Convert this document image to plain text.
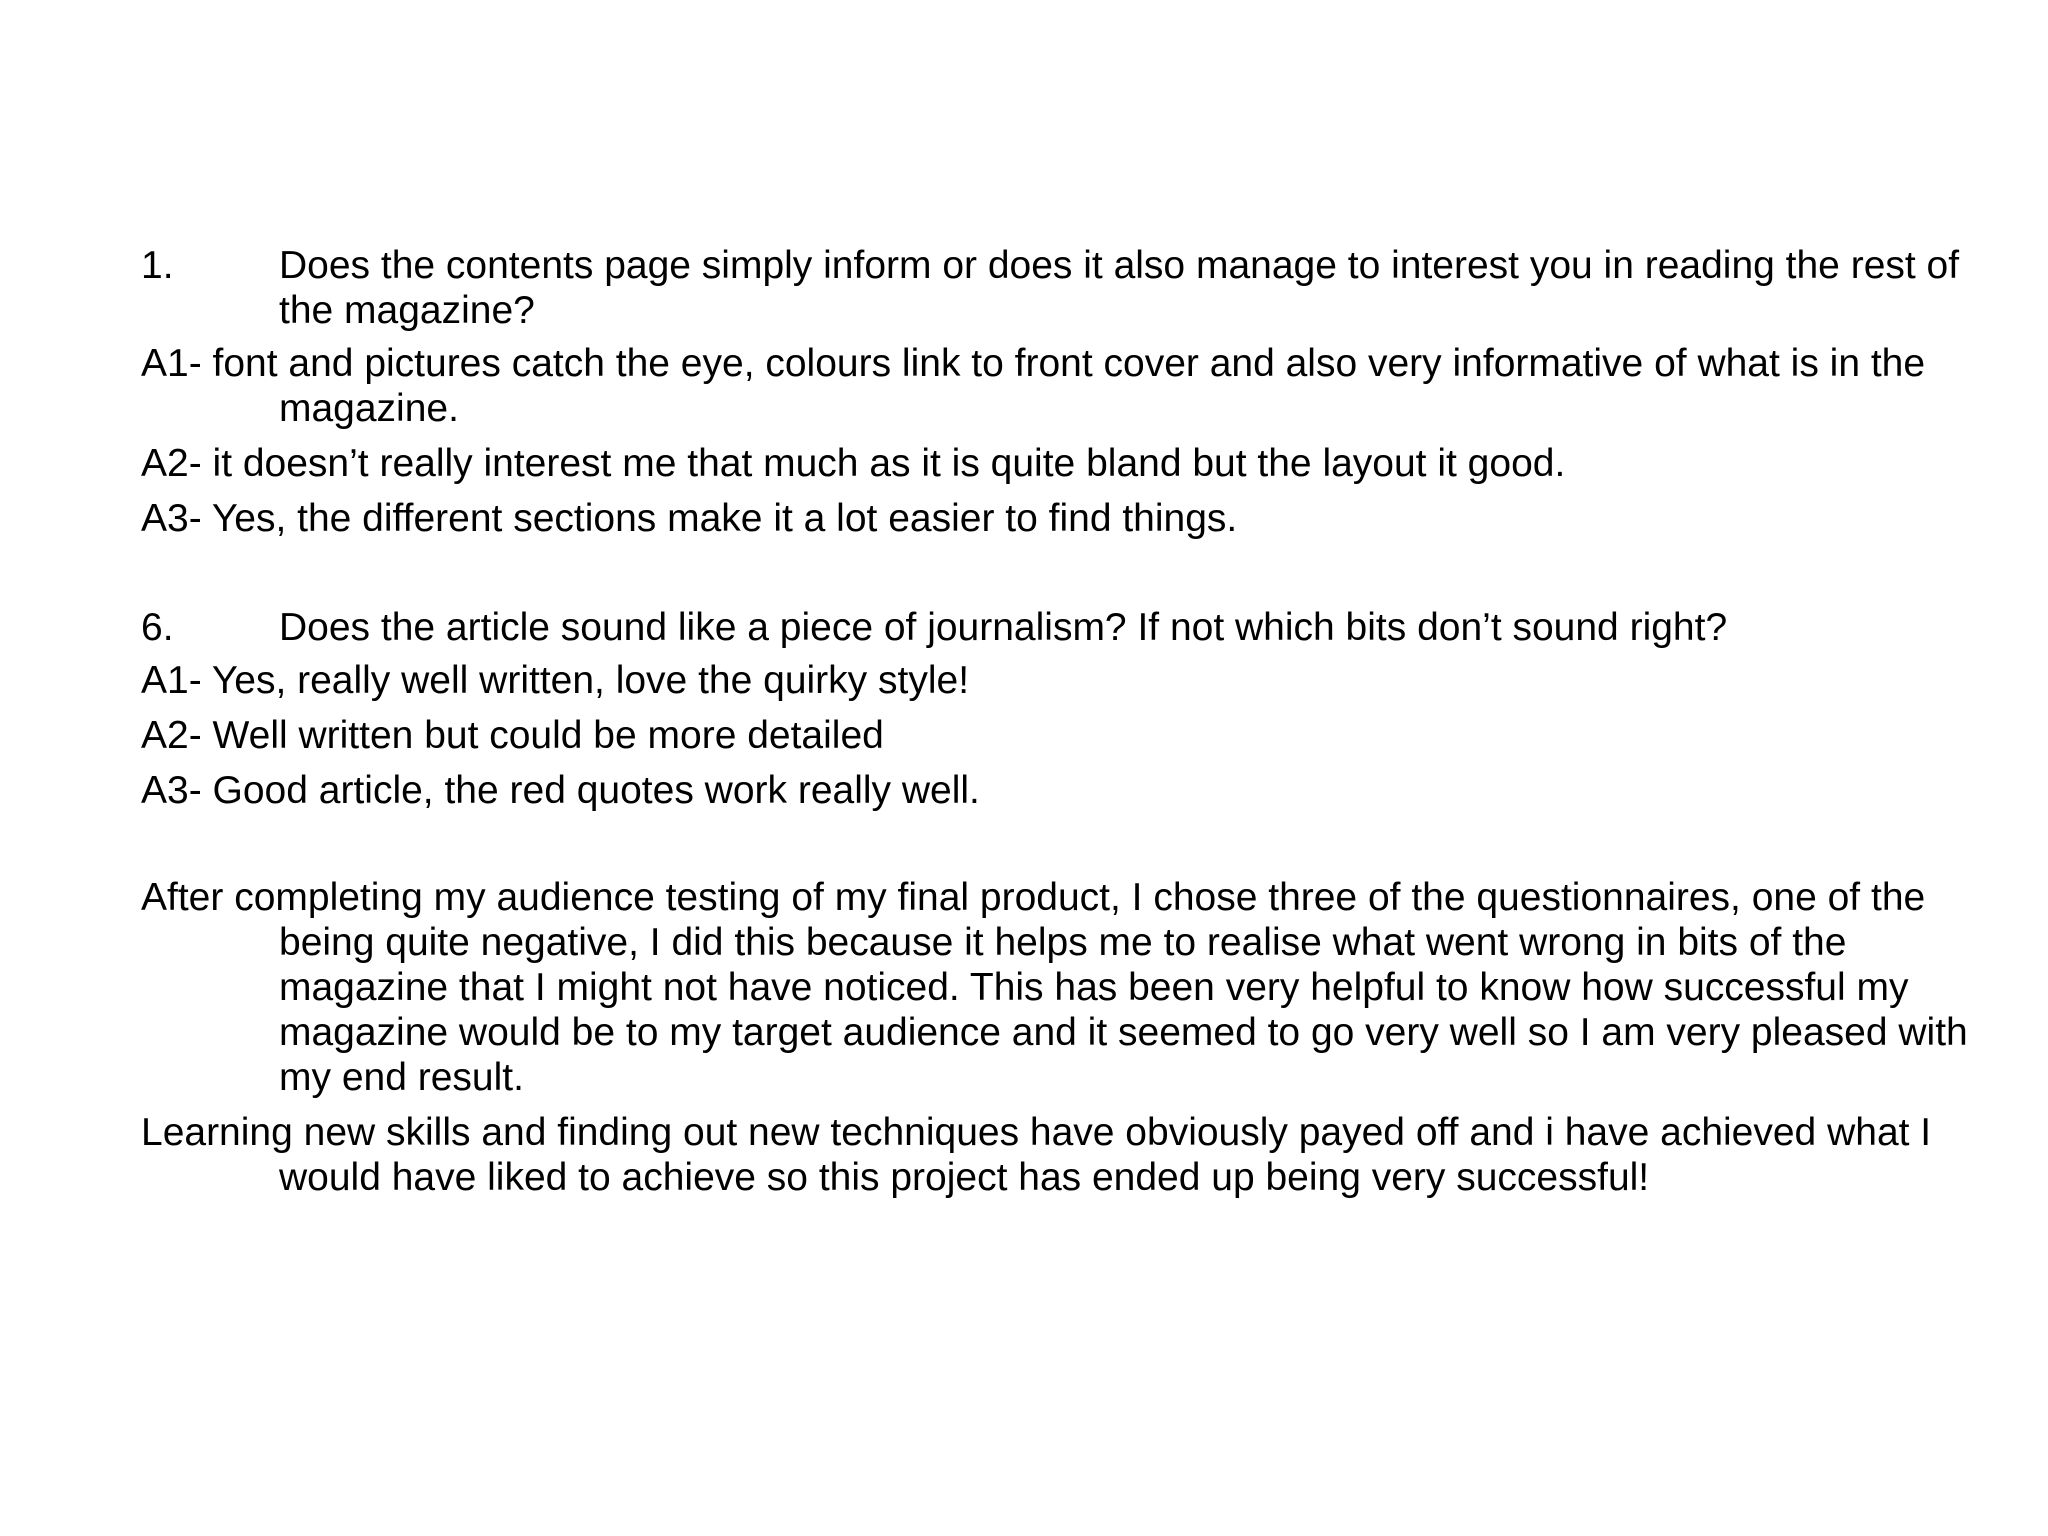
1.	Does the contents page simply inform or does it also manage to interest you in reading the rest of the magazine?

A1- font and pictures catch the eye, colours link to front cover and also very informative of what is in the magazine.

A2- it doesn’t really interest me that much as it is quite bland but the layout it good.

A3- Yes, the different sections make it a lot easier to find things.

6.	Does the article sound like a piece of journalism? If not which bits don’t sound right?

A1- Yes, really well written, love the quirky style!

A2- Well written but could be more detailed

A3- Good article, the red quotes work really well.

After completing my audience testing of my final product, I chose three of the questionnaires, one of the being quite negative, I did this because it helps me to realise what went wrong in bits of the magazine that I might not have noticed. This has been very helpful to know how successful my magazine would be to my target audience and it seemed to go very well so I am very pleased with my end result.

Learning new skills and finding out new techniques have obviously payed off and i have achieved what I would have liked to achieve so this project has ended up being very successful!
